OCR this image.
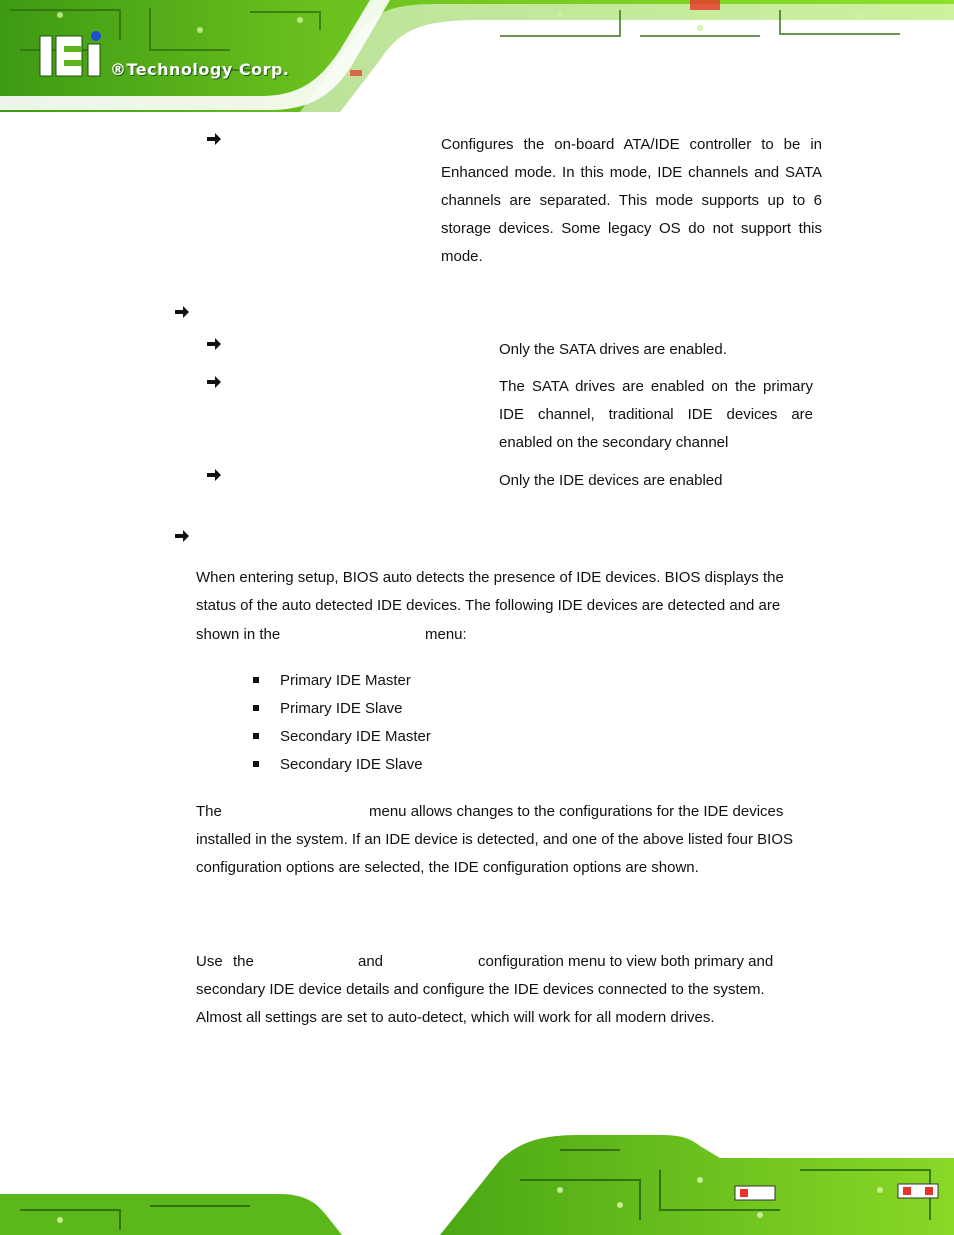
®Technology Corp.
Configures the on-board ATA/IDE controller to be in Enhanced mode. In this mode, IDE channels and SATA channels are separated. This mode supports up to 6 storage devices. Some legacy OS do not support this mode.
Only the SATA drives are enabled.
The SATA drives are enabled on the primary IDE channel, traditional IDE devices are enabled on the secondary channel
Only the IDE devices are enabled
When entering setup, BIOS auto detects the presence of IDE devices. BIOS displays the
status of the auto detected IDE devices. The following IDE devices are detected and are
shown in the	menu:
Primary IDE Master
Primary IDE Slave
Secondary IDE Master
Secondary IDE Slave
The	menu allows changes to the configurations for the IDE devices
installed in the system. If an IDE device is detected, and one of the above listed four BIOS
configuration options are selected, the IDE configuration options are shown.
Use the	and	configuration menu to view both primary and
secondary IDE device details and configure the IDE devices connected to the system.
Almost all settings are set to auto-detect, which will work for all modern drives.
